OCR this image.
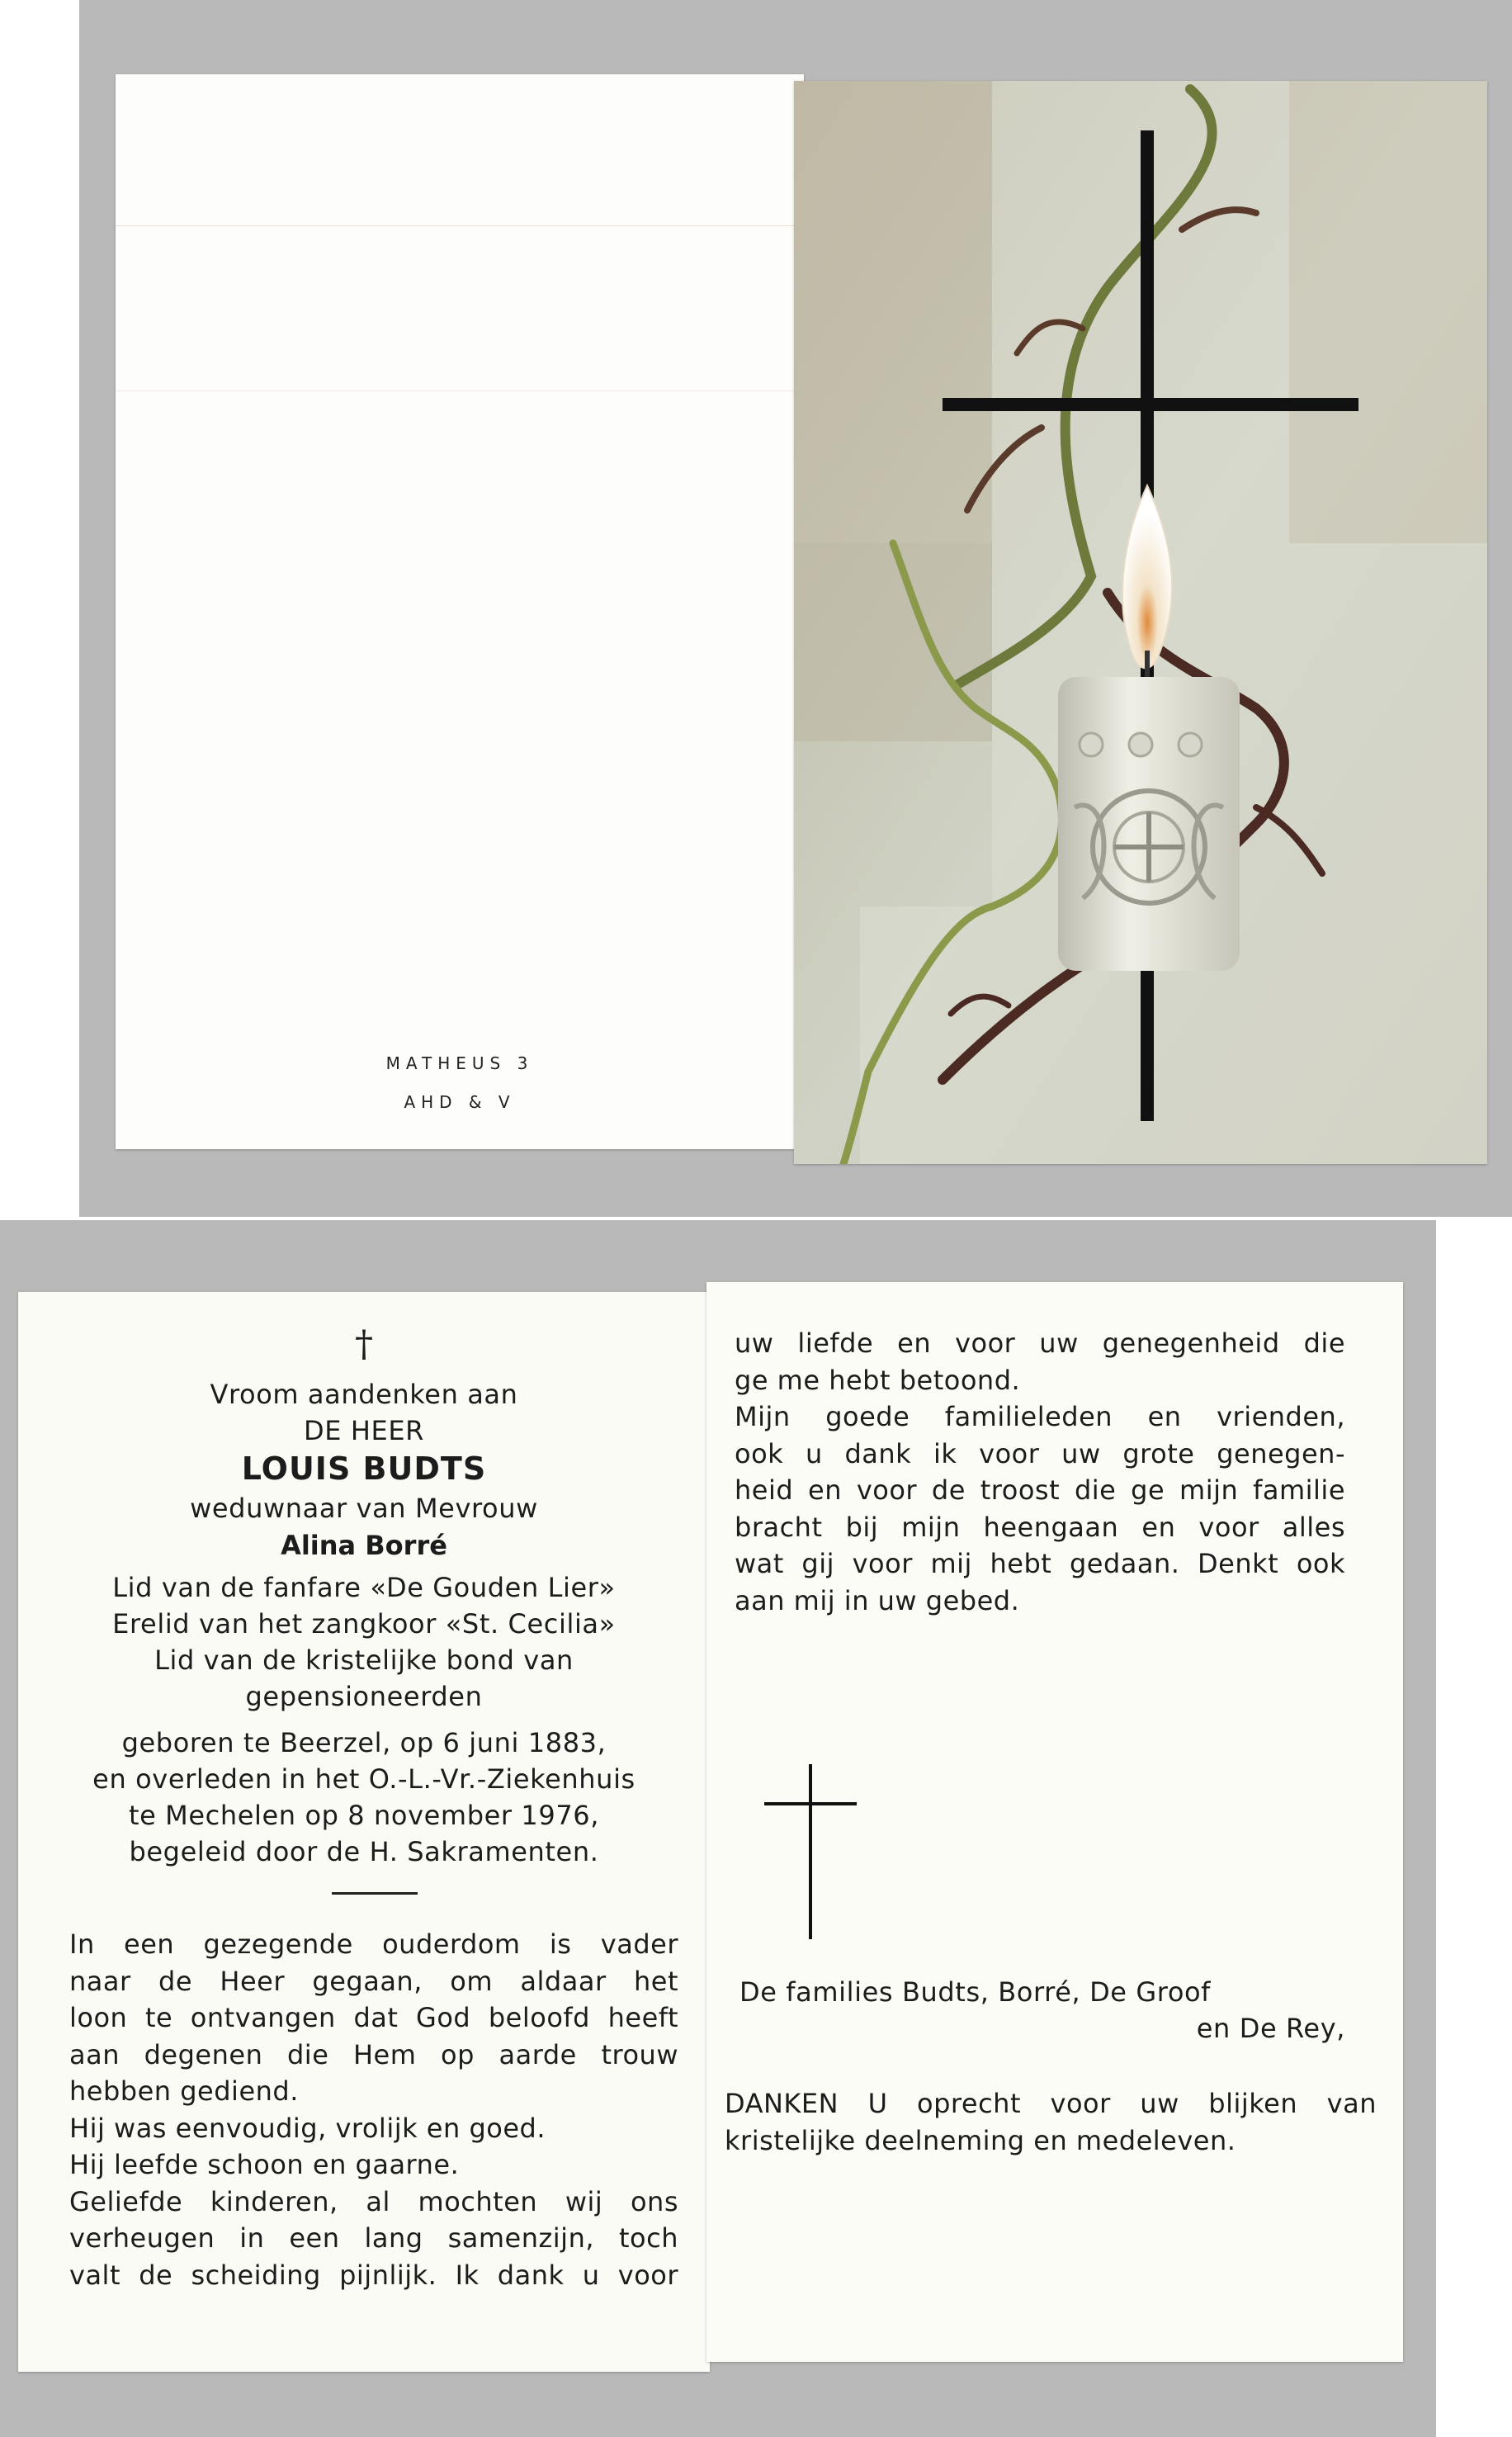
MATHEUS 3
AHD & V
†
Vroom aandenken aan
DE HEER
LOUIS BUDTS
weduwnaar van Mevrouw
Alina Borré
Lid van de fanfare «De Gouden Lier»
Erelid van het zangkoor «St. Cecilia»
Lid van de kristelijke bond van
gepensioneerden
geboren te Beerzel, op 6 juni 1883,
en overleden in het O.-L.-Vr.-Ziekenhuis
te Mechelen op 8 november 1976,
begeleid door de H. Sakramenten.
In een gezegende ouderdom is vader
naar de Heer gegaan, om aldaar het
loon te ontvangen dat God beloofd heeft
aan degenen die Hem op aarde trouw
hebben gediend.
Hij was eenvoudig, vrolijk en goed.
Hij leefde schoon en gaarne.
Geliefde kinderen, al mochten wij ons
verheugen in een lang samenzijn, toch
valt de scheiding pijnlijk. Ik dank u voor
uw liefde en voor uw genegenheid die
ge me hebt betoond.
Mijn goede familieleden en vrienden,
ook u dank ik voor uw grote genegen-
heid en voor de troost die ge mijn familie
bracht bij mijn heengaan en voor alles
wat gij voor mij hebt gedaan. Denkt ook
aan mij in uw gebed.
De families Budts, Borré, De Groof
en De Rey,
DANKEN U oprecht voor uw blijken van
kristelijke deelneming en medeleven.
